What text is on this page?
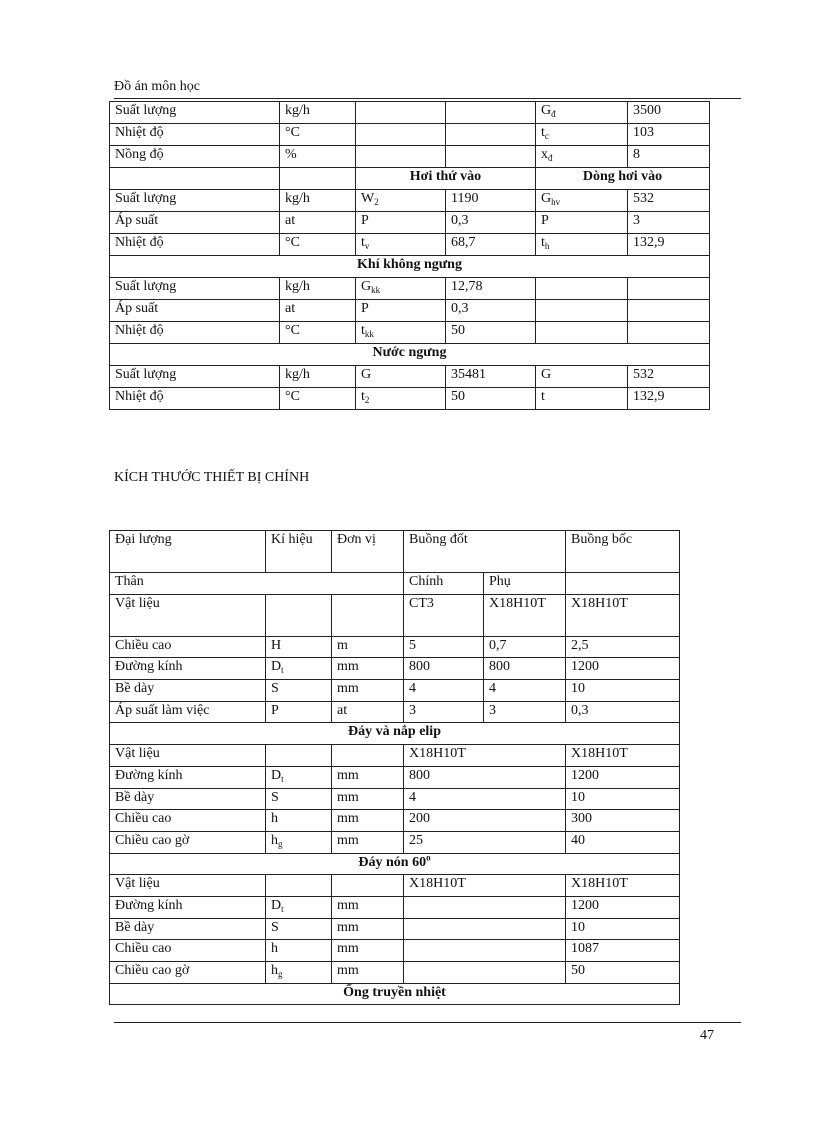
Đồ án môn học
Suất lượng	kg/h			$G_đ$	3500
Nhiệt độ	°C			$t_c$	103
Nồng độ	%			$x_đ$	8
		Hơi thứ vào		Dòng hơi vào	
Suất lượng	kg/h	$W_2$	1190	$G_{hv}$	532
Áp suất	at	P	0,3	P	3
Nhiệt độ	°C	$t_v$	68,7	$t_h$	132,9
Khí không ngưng					
Suất lượng	kg/h	$G_{kk}$	12,78		
Áp suất	at	P	0,3		
Nhiệt độ	°C	$t_{kk}$	50		
Nước ngưng					
Suất lượng	kg/h	G	35481	G	532
Nhiệt độ	°C	$t_2$	50	t	132,9
KÍCH THƯỚC THIẾT BỊ CHÍNH
Đại lượng	Kí hiệu	Đơn vị	Buồng đốt		Buồng bốc
Thân			Chính	Phụ	
Vật liệu			CT3	X18H10T	X18H10T
Chiều cao	H	m	5	0,7	2,5
Đường kính	$D_t$	mm	800	800	1200
Bề dày	S	mm	4	4	10
Áp suất làm việc	P	at	3	3	0,3
Đáy và nắp elip					
Vật liệu			X18H10T		X18H10T
Đường kính	$D_t$	mm	800		1200
Bề dày	S	mm	4		10
Chiều cao	h	mm	200		300
Chiều cao gờ	$h_g$	mm	25		40
Đáy nón 60$^o$
Vật liệu			X18H10T		X18H10T
Đường kính	$D_t$	mm			1200
Bề dày	S	mm			10
Chiều cao	h	mm			1087
Chiều cao gờ	$h_g$	mm			50
Ống truyền nhiệt					
47
